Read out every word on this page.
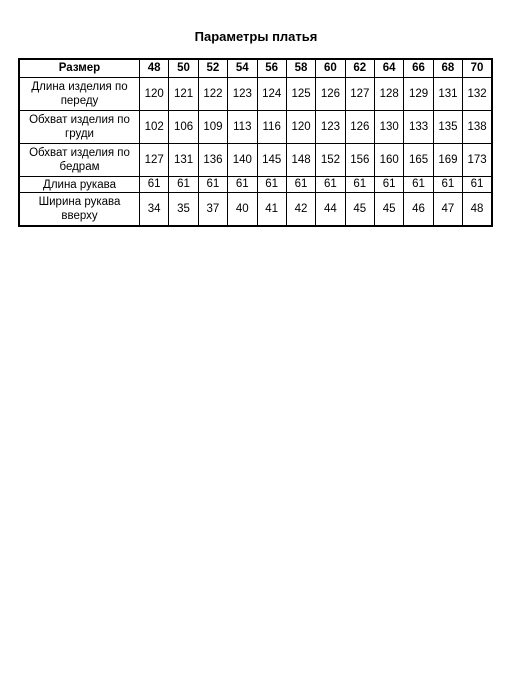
Параметры платья
Размер	48	50	52	54	56	58	60	62	64	66	68	70
Длина изделия по переду	120	121	122	123	124	125	126	127	128	129	131	132
Обхват изделия по груди	102	106	109	113	116	120	123	126	130	133	135	138
Обхват изделия по бедрам	127	131	136	140	145	148	152	156	160	165	169	173
Длина рукава	61	61	61	61	61	61	61	61	61	61	61	61
Ширина рукава вверху	34	35	37	40	41	42	44	45	45	46	47	48
